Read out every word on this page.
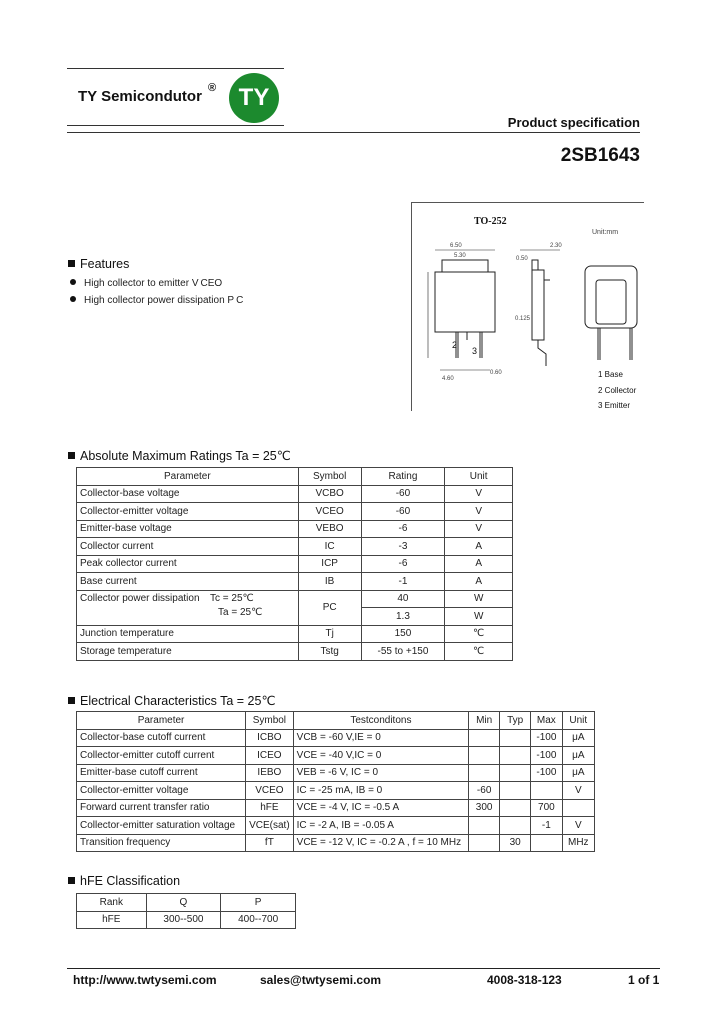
TY Semicondutor ® TY
Product specification
2SB1643
TO-252
Unit:mm
6.50
5.30
2.30
0.50
0.125
4.60
0.60
2
3
1 Base
2 Collector
3 Emitter
Features
High collector to emitter V CEO
High collector power dissipation P C
Absolute Maximum Ratings Ta = 25℃
Parameter	Symbol	Rating	Unit
Collector-base voltage	VCBO	-60	V
Collector-emitter voltage	VCEO	-60	V
Emitter-base voltage	VEBO	-6	V
Collector current	IC	-3	A
Peak collector current	ICP	-6	A
Base current	IB	-1	A

Collector power dissipation Tc = 25℃
Ta = 25℃	PC	40	W
		1.3	W
Junction temperature	Tj	150	℃
Storage temperature	Tstg	-55 to +150	℃
Electrical Characteristics Ta = 25℃
Parameter	Symbol	Testconditons	Min	Typ	Max	Unit
Collector-base cutoff current	ICBO	VCB = -60 V,IE = 0			-100	μA
Collector-emitter cutoff current	ICEO	VCE = -40 V,IC = 0			-100	μA
Emitter-base cutoff current	IEBO	VEB = -6 V, IC = 0			-100	μA
Collector-emitter voltage	VCEO	IC = -25 mA, IB = 0	-60			V
Forward current transfer ratio	hFE	VCE = -4 V, IC = -0.5 A	300		700	
Collector-emitter saturation voltage	VCE(sat)	IC = -2 A, IB = -0.05 A			-1	V
Transition frequency	fT	VCE = -12 V, IC = -0.2 A , f = 10 MHz		30		MHz
hFE Classification
Rank	Q	P
hFE	300--500	400--700
http://www.twtysemi.com	sales@twtysemi.com	4008-318-123	1 of 1
